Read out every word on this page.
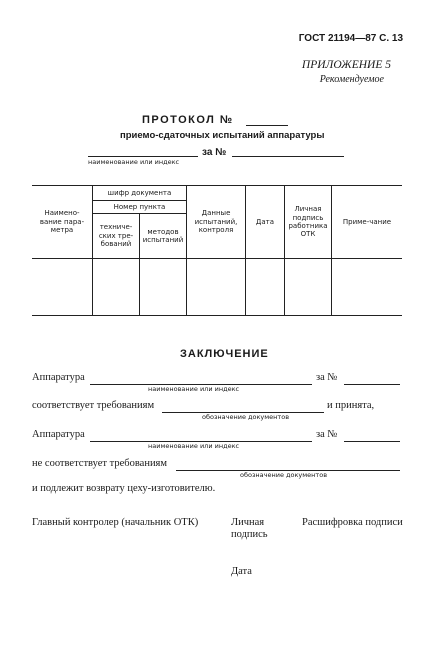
ГОСТ 21194—87 С. 13
ПРИЛОЖЕНИЕ 5
Рекомендуемое
ПРОТОКОЛ №
приемо-сдаточных испытаний аппаратуры
за №
наименование или индекс
Наимено-вание пара-метра	шифр документа		Данные испытаний, контроля	Дата	Личная подпись работника ОТК	Приме-чание
	Номер пункта					
	техниче-ских тре-бований	методов испытаний				

ЗАКЛЮЧЕНИЕ
Аппаратура
наименование или индекс
за №
соответствует требованиям
обозначение документов
и принята,
Аппаратура
наименование или индекс
за №
не соответствует требованиям
обозначение документов
и подлежит возврату цеху-изготовителю.
Главный контролер (начальник ОТК)	Личная подпись
Расшифровка подписи
Дата
